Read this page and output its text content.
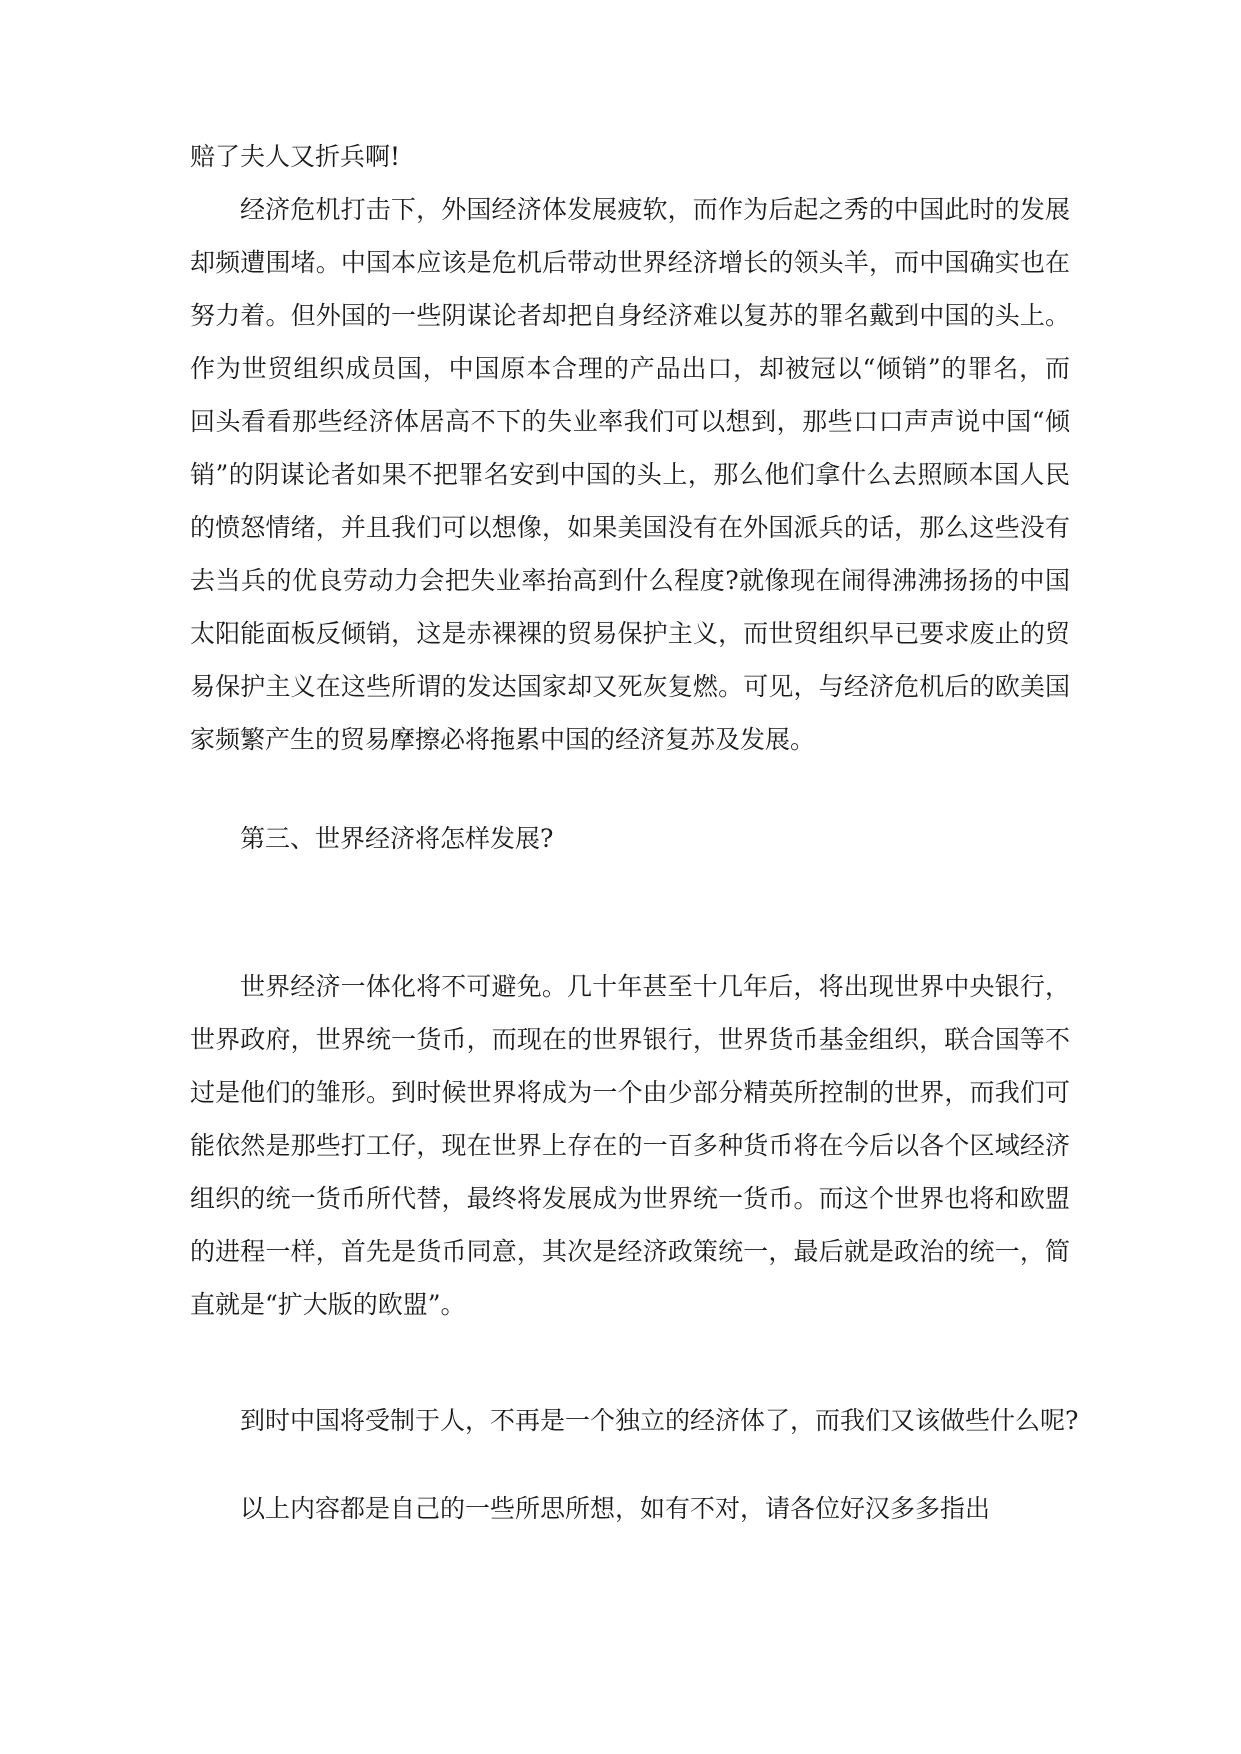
赔了夫人又折兵啊!
经济危机打击下，外国经济体发展疲软，而作为后起之秀的中国此时的发展
却频遭围堵。中国本应该是危机后带动世界经济增长的领头羊，而中国确实也在
努力着。但外国的一些阴谋论者却把自身经济难以复苏的罪名戴到中国的头上。
作为世贸组织成员国，中国原本合理的产品出口，却被冠以“倾销”的罪名，而
回头看看那些经济体居高不下的失业率我们可以想到，那些口口声声说中国“倾
销”的阴谋论者如果不把罪名安到中国的头上，那么他们拿什么去照顾本国人民
的愤怒情绪，并且我们可以想像，如果美国没有在外国派兵的话，那么这些没有
去当兵的优良劳动力会把失业率抬高到什么程度?就像现在闹得沸沸扬扬的中国
太阳能面板反倾销，这是赤裸裸的贸易保护主义，而世贸组织早已要求废止的贸
易保护主义在这些所谓的发达国家却又死灰复燃。可见，与经济危机后的欧美国
家频繁产生的贸易摩擦必将拖累中国的经济复苏及发展。
第三、世界经济将怎样发展?
世界经济一体化将不可避免。几十年甚至十几年后，将出现世界中央银行，
世界政府，世界统一货币，而现在的世界银行，世界货币基金组织，联合国等不
过是他们的雏形。到时候世界将成为一个由少部分精英所控制的世界，而我们可
能依然是那些打工仔，现在世界上存在的一百多种货币将在今后以各个区域经济
组织的统一货币所代替，最终将发展成为世界统一货币。而这个世界也将和欧盟
的进程一样，首先是货币同意，其次是经济政策统一，最后就是政治的统一，简
直就是“扩大版的欧盟”。
到时中国将受制于人，不再是一个独立的经济体了，而我们又该做些什么呢?
以上内容都是自己的一些所思所想，如有不对，请各位好汉多多指出
